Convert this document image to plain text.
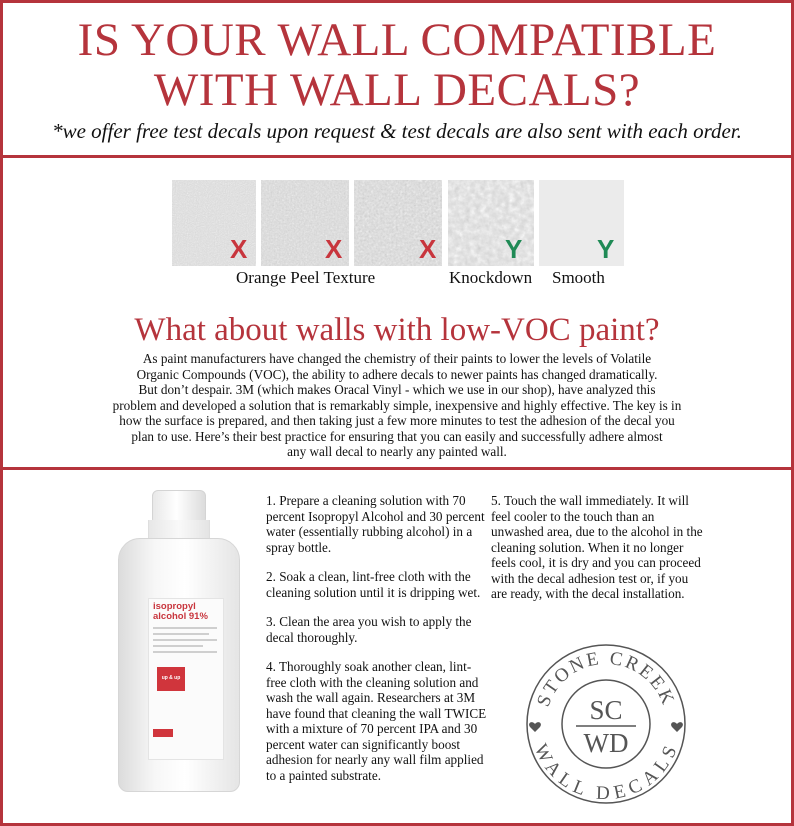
IS YOUR WALL COMPATIBLE
WITH WALL DECALS?
*we offer free test decals upon request & test decals are also sent with each order.
X	X	X	Y	Y
Orange Peel Texture	Knockdown Smooth
What about walls with low-VOC paint?
As paint manufacturers have changed the chemistry of their paints to lower the levels of Volatile
Organic Compounds (VOC), the ability to adhere decals to newer paints has changed dramatically.
But don’t despair. 3M (which makes Oracal Vinyl - which we use in our shop), have analyzed this
problem and developed a solution that is remarkably simple, inexpensive and highly effective. The key is in
how the surface is prepared, and then taking just a few more minutes to test the adhesion of the decal you
plan to use. Here’s their best practice for ensuring that you can easily and successfully adhere almost
any wall decal to nearly any painted wall.
isopropyl
alcohol 91%
up & up

1. Prepare a cleaning solution with 70 percent Isopropyl Alcohol and 30 percent water (essentially rubbing alcohol) in a spray bottle.

2. Soak a clean, lint-free cloth with the cleaning solution until it is dripping wet.

3. Clean the area you wish to apply the decal thoroughly.

4. Thoroughly soak another clean, lint-free cloth with the cleaning solution and wash the wall again. Researchers at 3M have found that cleaning the wall TWICE with a mixture of 70 percent IPA and 30 percent water can significantly boost adhesion for nearly any wall film applied to a painted substrate.

5. Touch the wall immediately. It will feel cooler to the touch than an unwashed area, due to the alcohol in the cleaning solution. When it no longer feels cool, it is dry and you can proceed with the decal adhesion test or, if you are ready, with the decal installation.

STONE CREEK
WALL DECALS
SC
WD
